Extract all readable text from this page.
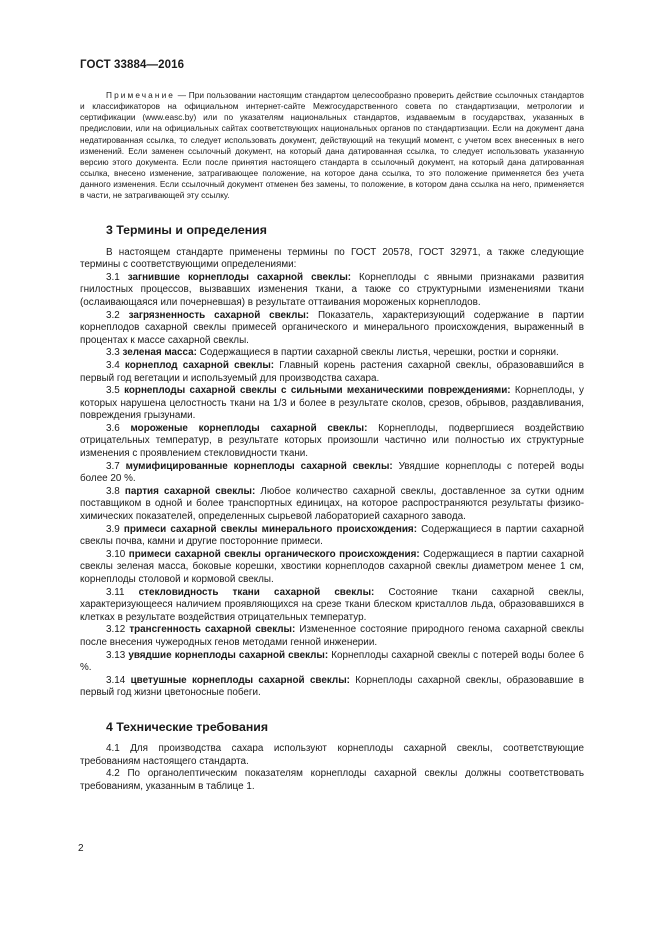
ГОСТ 33884—2016

Примечание — При пользовании настоящим стандартом целесообразно проверить действие ссылочных стандартов и классификаторов на официальном интернет-сайте Межгосударственного совета по стандартизации, метрологии и сертификации (www.easc.by) или по указателям национальных стандартов, издаваемым в государствах, указанных в предисловии, или на официальных сайтах соответствующих национальных органов по стандартизации. Если на документ дана недатированная ссылка, то следует использовать документ, действующий на текущий момент, с учетом всех внесенных в него изменений. Если заменен ссылочный документ, на который дана датированная ссылка, то следует использовать указанную версию этого документа. Если после принятия настоящего стандарта в ссылочный документ, на который дана датированная ссылка, внесено изменение, затрагивающее положение, на которое дана ссылка, то это положение применяется без учета данного изменения. Если ссылочный документ отменен без замены, то положение, в котором дана ссылка на него, применяется в части, не затрагивающей эту ссылку.

3 Термины и определения

В настоящем стандарте применены термины по ГОСТ 20578, ГОСТ 32971, а также следующие термины с соответствующими определениями:

3.1 загнившие корнеплоды сахарной свеклы: Корнеплоды с явными признаками развития гнилостных процессов, вызвавших изменения ткани, а также со структурными изменениями ткани (ослаивающаяся или почерневшая) в результате оттаивания мороженых корнеплодов.

3.2 загрязненность сахарной свеклы: Показатель, характеризующий содержание в партии корнеплодов сахарной свеклы примесей органического и минерального происхождения, выраженный в процентах к массе сахарной свеклы.

3.3 зеленая масса: Содержащиеся в партии сахарной свеклы листья, черешки, ростки и сорняки.

3.4 корнеплод сахарной свеклы: Главный корень растения сахарной свеклы, образовавшийся в первый год вегетации и используемый для производства сахара.

3.5 корнеплоды сахарной свеклы с сильными механическими повреждениями: Корнеплоды, у которых нарушена целостность ткани на 1/3 и более в результате сколов, срезов, обрывов, раздавливания, повреждения грызунами.

3.6 мороженые корнеплоды сахарной свеклы: Корнеплоды, подвергшиеся воздействию отрицательных температур, в результате которых произошли частично или полностью их структурные изменения с проявлением стекловидности ткани.

3.7 мумифицированные корнеплоды сахарной свеклы: Увядшие корнеплоды с потерей воды более 20 %.

3.8 партия сахарной свеклы: Любое количество сахарной свеклы, доставленное за сутки одним поставщиком в одной и более транспортных единицах, на которое распространяются результаты физико-химических показателей, определенных сырьевой лабораторией сахарного завода.

3.9 примеси сахарной свеклы минерального происхождения: Содержащиеся в партии сахарной свеклы почва, камни и другие посторонние примеси.

3.10 примеси сахарной свеклы органического происхождения: Содержащиеся в партии сахарной свеклы зеленая масса, боковые корешки, хвостики корнеплодов сахарной свеклы диаметром менее 1 см, корнеплоды столовой и кормовой свеклы.

3.11 стекловидность ткани сахарной свеклы: Состояние ткани сахарной свеклы, характеризующееся наличием проявляющихся на срезе ткани блеском кристаллов льда, образовавшихся в клетках в результате воздействия отрицательных температур.

3.12 трансгенность сахарной свеклы: Измененное состояние природного генома сахарной свеклы после внесения чужеродных генов методами генной инженерии.

3.13 увядшие корнеплоды сахарной свеклы: Корнеплоды сахарной свеклы с потерей воды более 6 %.

3.14 цветушные корнеплоды сахарной свеклы: Корнеплоды сахарной свеклы, образовавшие в первый год жизни цветоносные побеги.

4 Технические требования

4.1 Для производства сахара используют корнеплоды сахарной свеклы, соответствующие требованиям настоящего стандарта.

4.2 По органолептическим показателям корнеплоды сахарной свеклы должны соответствовать требованиям, указанным в таблице 1.

2
